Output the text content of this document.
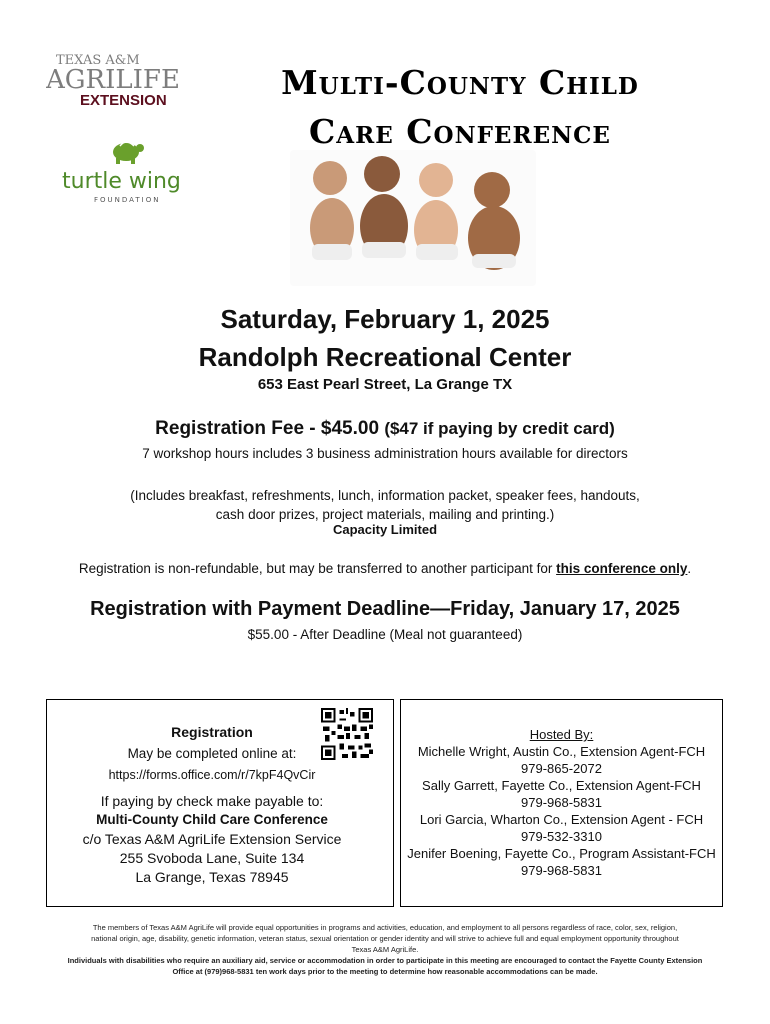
TEXAS A&M
AGRILIFE
EXTENSION
turtle wing
FOUNDATION
Multi-County Child
Care Conference
Saturday, February 1, 2025
Randolph Recreational Center
653 East Pearl Street, La Grange TX
Registration Fee - $45.00 ($47 if paying by credit card)
7 workshop hours includes 3 business administration hours available for directors
(Includes breakfast, refreshments, lunch, information packet, speaker fees, handouts,
cash door prizes, project materials, mailing and printing.)
Capacity Limited
Registration is non-refundable, but may be transferred to another participant for this conference only.
Registration with Payment Deadline—Friday, January 17, 2025
$55.00 - After Deadline (Meal not guaranteed)
Registration
May be completed online at:
https://forms.office.com/r/7kpF4QvCir
If paying by check make payable to:
Multi-County Child Care Conference
c/o Texas A&M AgriLife Extension Service
255 Svoboda Lane, Suite 134
La Grange, Texas 78945
Hosted By:
Michelle Wright, Austin Co., Extension Agent-FCH
979-865-2072
Sally Garrett, Fayette Co., Extension Agent-FCH
979-968-5831
Lori Garcia, Wharton Co., Extension Agent - FCH
979-532-3310
Jenifer Boening, Fayette Co., Program Assistant-FCH
979-968-5831
The members of Texas A&M AgriLife will provide equal opportunities in programs and activities, education, and employment to all persons regardless of race, color, sex, religion,
national origin, age, disability, genetic information, veteran status, sexual orientation or gender identity and will strive to achieve full and equal employment opportunity throughout
Texas A&M AgriLife.
Individuals with disabilities who require an auxiliary aid, service or accommodation in order to participate in this meeting are encouraged to contact the Fayette County Extension
Office at (979)968-5831 ten work days prior to the meeting to determine how reasonable accommodations can be made.
